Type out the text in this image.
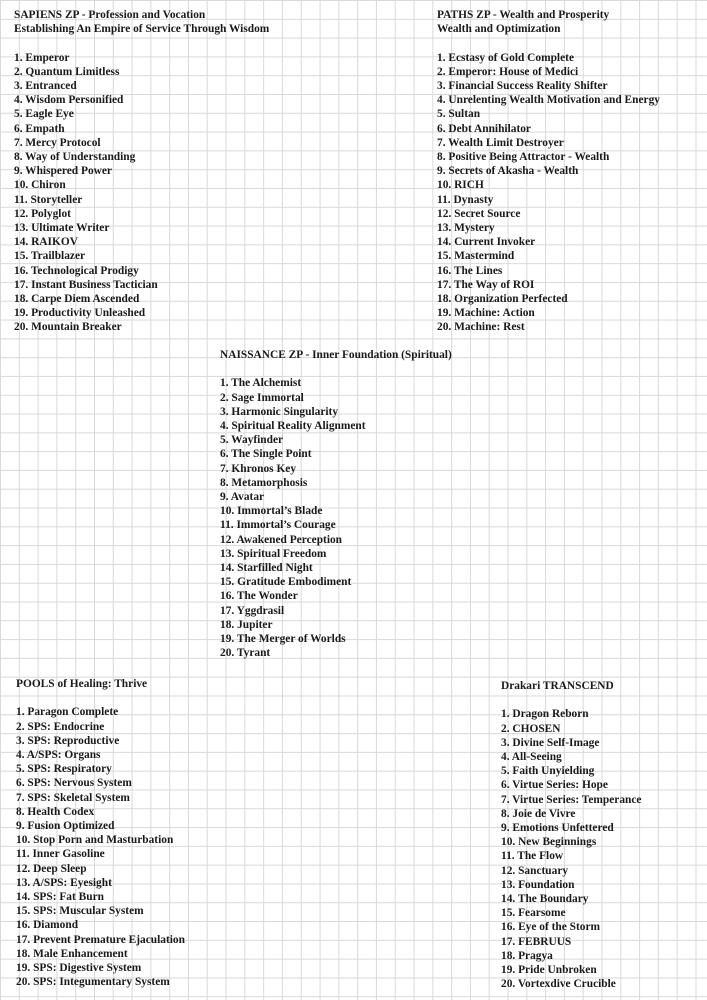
SAPIENS ZP - Profession and Vocation
Establishing An Empire of Service Through Wisdom
1. Emperor
2. Quantum Limitless
3. Entranced
4. Wisdom Personified
5. Eagle Eye
6. Empath
7. Mercy Protocol
8. Way of Understanding
9. Whispered Power
10. Chiron
11. Storyteller
12. Polyglot
13. Ultimate Writer
14. RAIKOV
15. Trailblazer
16. Technological Prodigy
17. Instant Business Tactician
18. Carpe Diem Ascended
19. Productivity Unleashed
20. Mountain Breaker
PATHS ZP - Wealth and Prosperity
Wealth and Optimization
1. Ecstasy of Gold Complete
2. Emperor: House of Medici
3. Financial Success Reality Shifter
4. Unrelenting Wealth Motivation and Energy
5. Sultan
6. Debt Annihilator
7. Wealth Limit Destroyer
8. Positive Being Attractor - Wealth
9. Secrets of Akasha - Wealth
10. RICH
11. Dynasty
12. Secret Source
13. Mystery
14. Current Invoker
15. Mastermind
16. The Lines
17. The Way of ROI
18. Organization Perfected
19. Machine: Action
20. Machine: Rest
NAISSANCE ZP - Inner Foundation (Spiritual)
1. The Alchemist
2. Sage Immortal
3. Harmonic Singularity
4. Spiritual Reality Alignment
5. Wayfinder
6. The Single Point
7. Khronos Key
8. Metamorphosis
9. Avatar
10. Immortal’s Blade
11. Immortal’s Courage
12. Awakened Perception
13. Spiritual Freedom
14. Starfilled Night
15. Gratitude Embodiment
16. The Wonder
17. Yggdrasil
18. Jupiter
19. The Merger of Worlds
20. Tyrant
POOLS of Healing: Thrive
1. Paragon Complete
2. SPS: Endocrine
3. SPS: Reproductive
4. A/SPS: Organs
5. SPS: Respiratory
6. SPS: Nervous System
7. SPS: Skeletal System
8. Health Codex
9. Fusion Optimized
10. Stop Porn and Masturbation
11. Inner Gasoline
12. Deep Sleep
13. A/SPS: Eyesight
14. SPS: Fat Burn
15. SPS: Muscular System
16. Diamond
17. Prevent Premature Ejaculation
18. Male Enhancement
19. SPS: Digestive System
20. SPS: Integumentary System
Drakari TRANSCEND
1. Dragon Reborn
2. CHOSEN
3. Divine Self-Image
4. All-Seeing
5. Faith Unyielding
6. Virtue Series: Hope
7. Virtue Series: Temperance
8. Joie de Vivre
9. Emotions Unfettered
10. New Beginnings
11. The Flow
12. Sanctuary
13. Foundation
14. The Boundary
15. Fearsome
16. Eye of the Storm
17. FEBRUUS
18. Pragya
19. Pride Unbroken
20. Vortexdive Crucible
